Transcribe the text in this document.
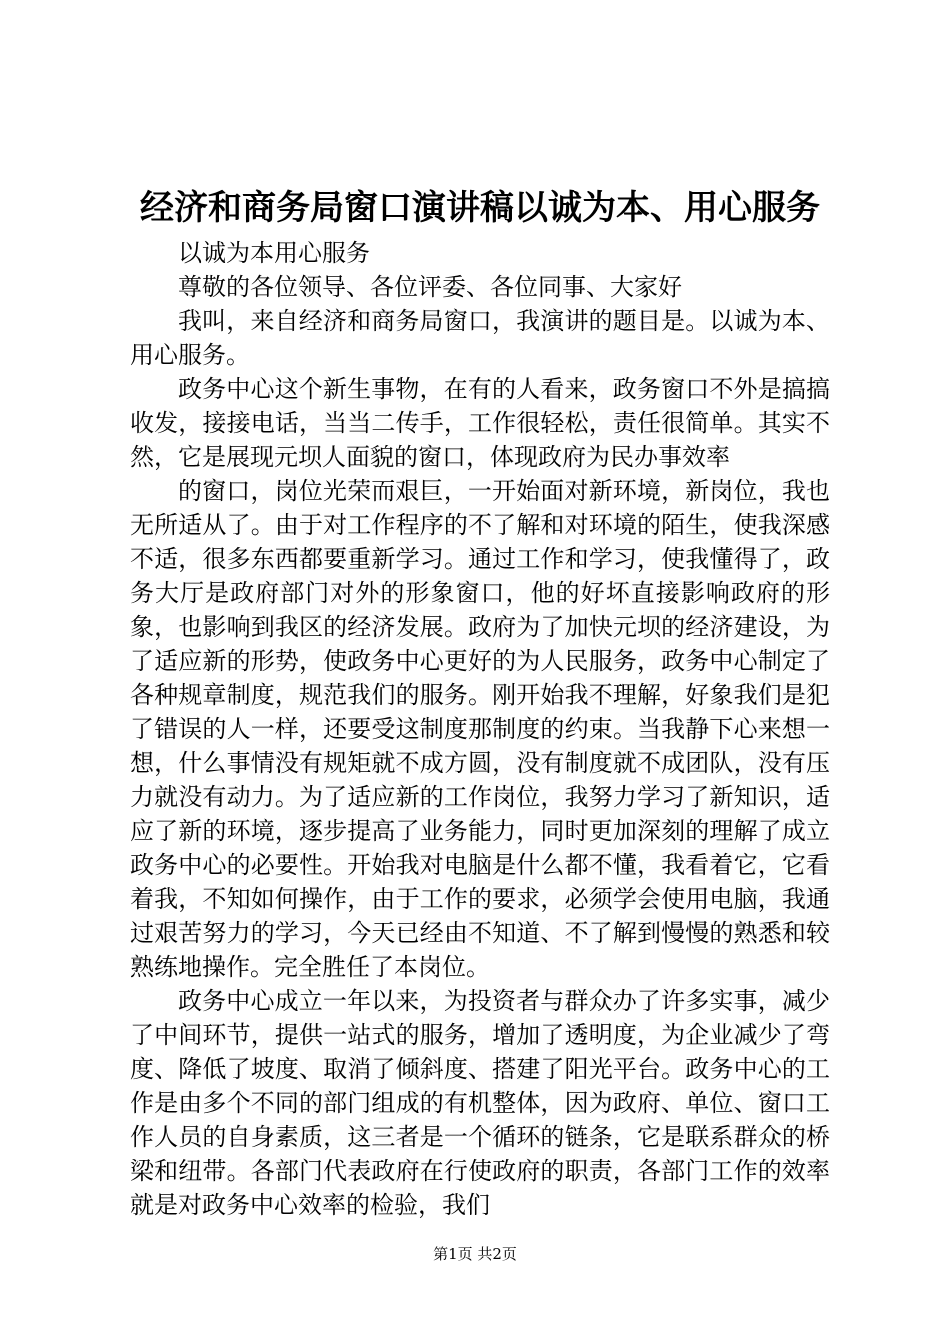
经济和商务局窗口演讲稿以诚为本、用心服务

以诚为本用心服务

尊敬的各位领导、各位评委、各位同事、大家好

我叫，来自经济和商务局窗口，我演讲的题目是。以诚为本、用心服务。

政务中心这个新生事物，在有的人看来，政务窗口不外是搞搞收发，接接电话，当当二传手，工作很轻松，责任很简单。其实不然，它是展现元坝人面貌的窗口，体现政府为民办事效率

的窗口，岗位光荣而艰巨，一开始面对新环境，新岗位，我也无所适从了。由于对工作程序的不了解和对环境的陌生，使我深感不适，很多东西都要重新学习。通过工作和学习，使我懂得了，政务大厅是政府部门对外的形象窗口，他的好坏直接影响政府的形象，也影响到我区的经济发展。政府为了加快元坝的经济建设，为了适应新的形势，使政务中心更好的为人民服务，政务中心制定了各种规章制度，规范我们的服务。刚开始我不理解，好象我们是犯了错误的人一样，还要受这制度那制度的约束。当我静下心来想一想，什么事情没有规矩就不成方圆，没有制度就不成团队，没有压力就没有动力。为了适应新的工作岗位，我努力学习了新知识，适应了新的环境，逐步提高了业务能力，同时更加深刻的理解了成立政务中心的必要性。开始我对电脑是什么都不懂，我看着它，它看着我，不知如何操作，由于工作的要求，必须学会使用电脑，我通过艰苦努力的学习，今天已经由不知道、不了解到慢慢的熟悉和较熟练地操作。完全胜任了本岗位。

政务中心成立一年以来，为投资者与群众办了许多实事，减少了中间环节，提供一站式的服务，增加了透明度，为企业减少了弯度、降低了坡度、取消了倾斜度、搭建了阳光平台。政务中心的工作是由多个不同的部门组成的有机整体，因为政府、单位、窗口工作人员的自身素质，这三者是一个循环的链条，它是联系群众的桥梁和纽带。各部门代表政府在行使政府的职责，各部门工作的效率就是对政务中心效率的检验，我们

第1页 共2页
